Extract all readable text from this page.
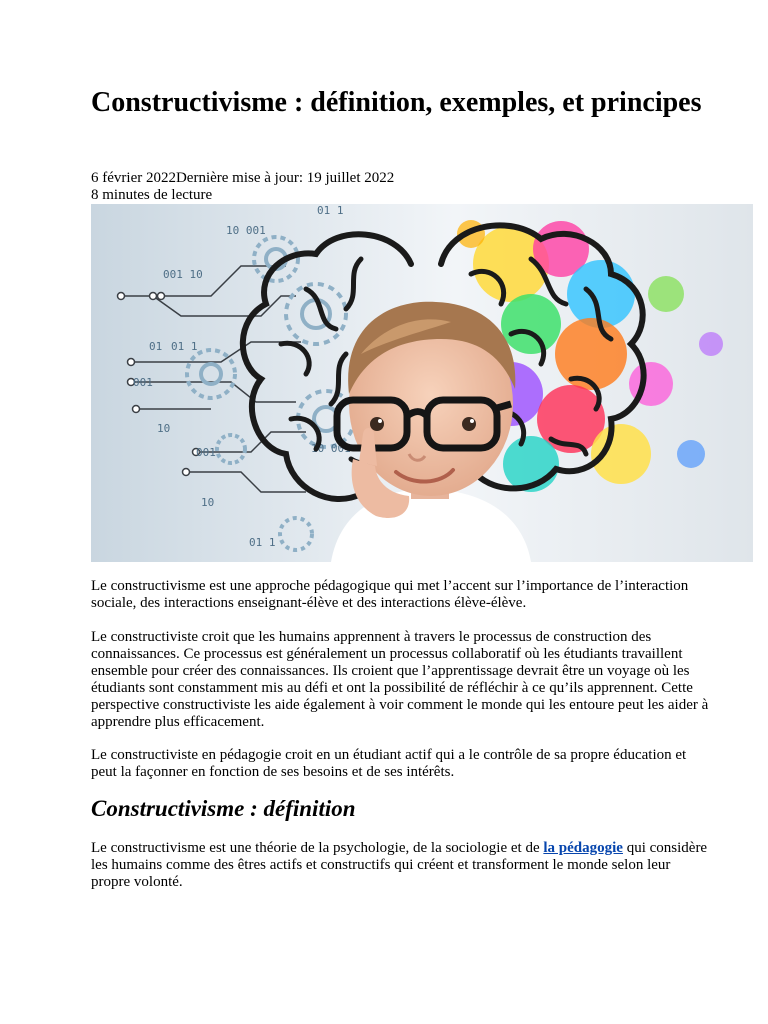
Constructivisme : définition, exemples, et principes
6 février 2022Dernière mise à jour: 19 juillet 2022
8 minutes de lecture
10 001
01 1
001 10
01 01 1
001
10
001
10
01 1
10 001

Le constructivisme est une approche pédagogique qui met l’accent sur l’importance de l’interaction sociale, des interactions enseignant-élève et des interactions élève-élève.

Le constructiviste croit que les humains apprennent à travers le processus de construction des connaissances. Ce processus est généralement un processus collaboratif où les étudiants travaillent ensemble pour créer des connaissances. Ils croient que l’apprentissage devrait être un voyage où les étudiants sont constamment mis au défi et ont la possibilité de réfléchir à ce qu’ils apprennent. Cette perspective constructiviste les aide également à voir comment le monde qui les entoure peut les aider à apprendre plus efficacement.

Le constructiviste en pédagogie croit en un étudiant actif qui a le contrôle de sa propre éducation et peut la façonner en fonction de ses besoins et de ses intérêts.

Constructivisme : définition

Le constructivisme est une théorie de la psychologie, de la sociologie et de la pédagogie qui considère les humains comme des êtres actifs et constructifs qui créent et transforment le monde selon leur propre volonté.
